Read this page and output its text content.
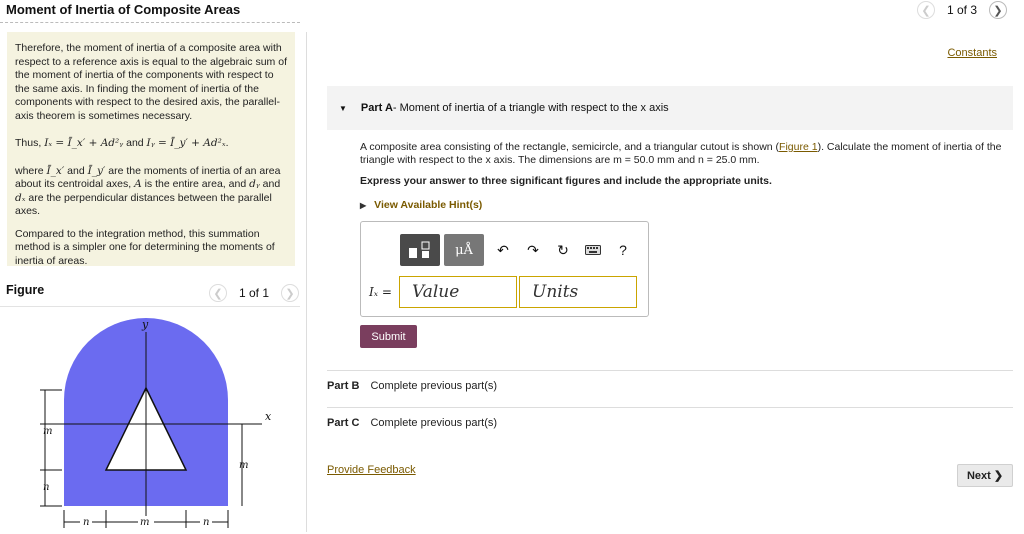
Moment of Inertia of Composite Areas	❮	1 of 3	❯

Therefore, the moment of inertia of a composite area with respect to a reference axis is equal to the algebraic sum of the moment of inertia of the components with respect to the same axis. In finding the moment of inertia of the components with respect to the desired axis, the parallel-axis theorem is sometimes necessary.

Thus, Iₓ = Ī_x′ + Ad²ᵧ and Iᵧ = Ī_y′ + Ad²ₓ.

where Ī_x′ and Ī_y′ are the moments of inertia of an area about its centroidal axes, A is the entire area, and dᵧ and dₓ are the perpendicular distances between the parallel axes.

Compared to the integration method, this summation method is a simpler one for determining the moments of inertia of areas.

Figure	❮	1 of 1	❯
y
x
m
n
m
n	m	n
Constants
▼ Part A - Moment of inertia of a triangle with respect to the x axis
A composite area consisting of the rectangle, semicircle, and a triangular cutout is shown (Figure 1). Calculate the moment of inertia of the triangle with respect to the x axis. The dimensions are m = 50.0 mm and n = 25.0 mm.
Express your answer to three significant figures and include the appropriate units.
▶ View Available Hint(s)
μÅ	↶	↷	↻	?
Iₓ =	Value	Units
Submit
Part B Complete previous part(s)
Part C Complete previous part(s)
Provide Feedback	Next ❯
